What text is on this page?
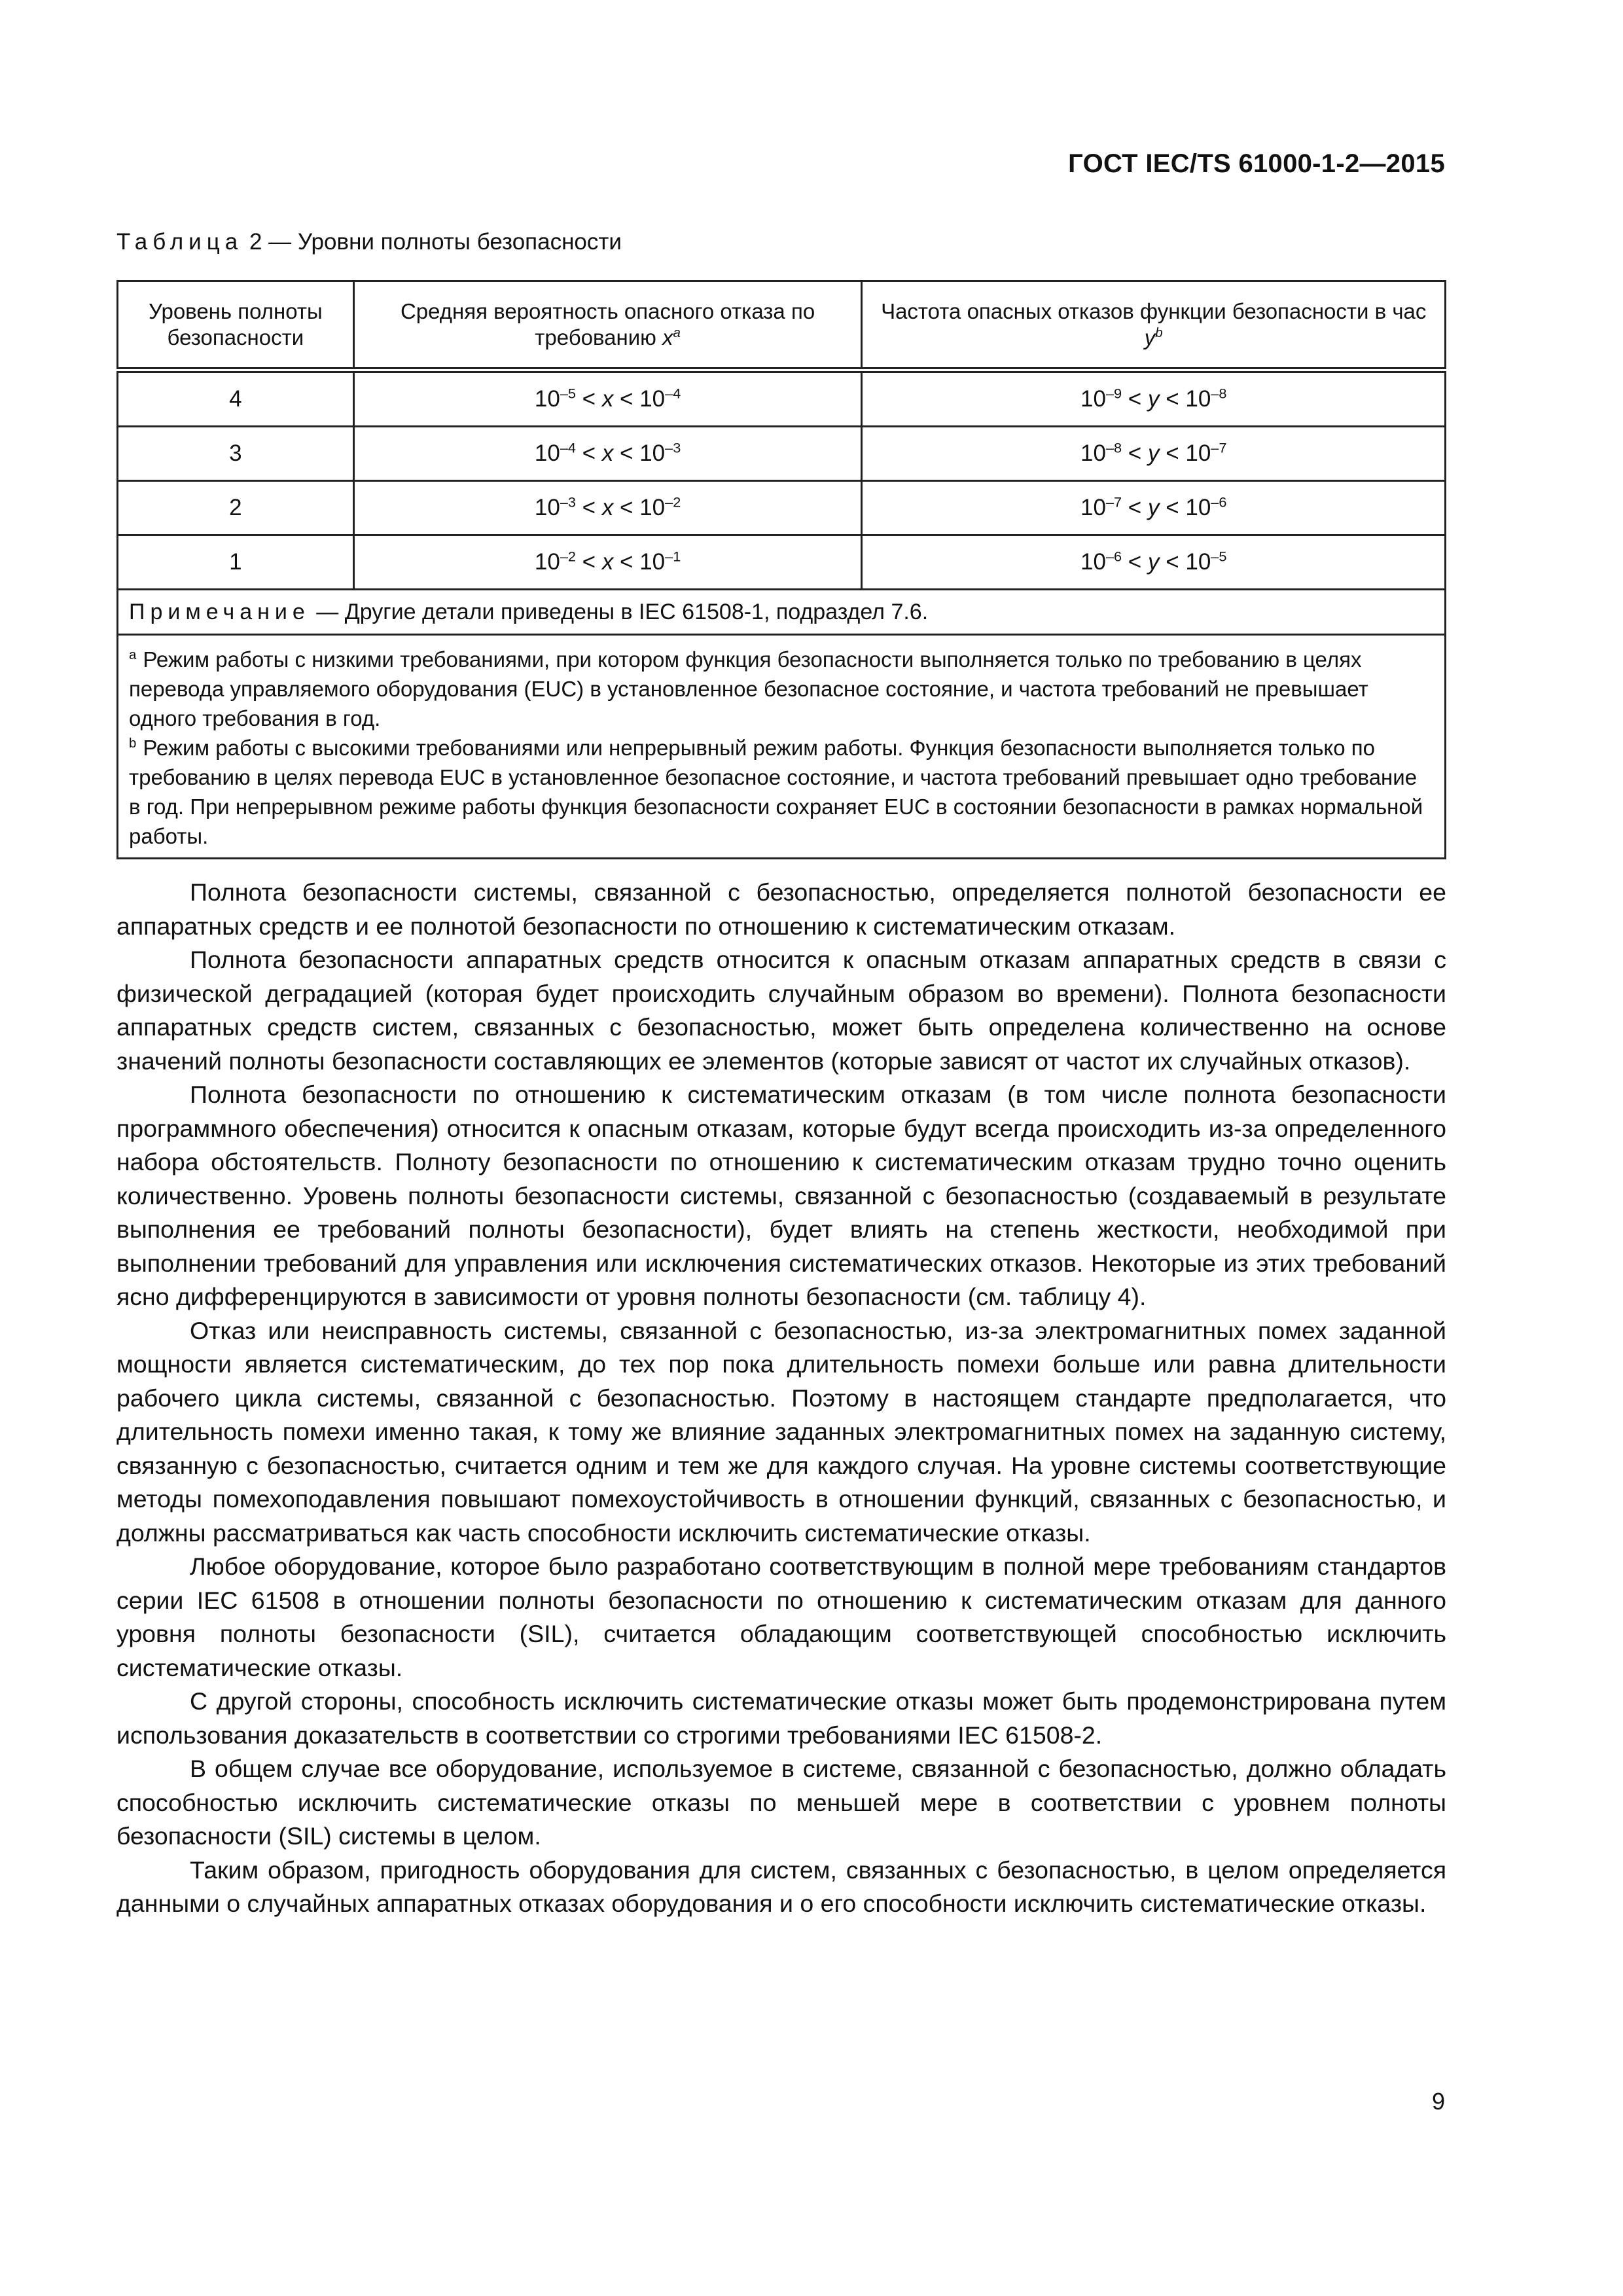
ГОСТ IEC/TS 61000-1-2—2015
Таблица 2 — Уровни полноты безопасности
Уровень полноты безопасности	Средняя вероятность опасного отказа по требованию $x^a$	Частота опасных отказов функции безопасности в час $y^b$
4	$10^{-5} < x < 10^{-4}$	$10^{-9} < y < 10^{-8}$
3	$10^{-4} < x < 10^{-3}$	$10^{-8} < y < 10^{-7}$
2	$10^{-3} < x < 10^{-2}$	$10^{-7} < y < 10^{-6}$
1	$10^{-2} < x < 10^{-1}$	$10^{-6} < y < 10^{-5}$
Примечание — Другие детали приведены в IEC 61508-1, подраздел 7.6.		

$^a$ Режим работы с низкими требованиями, при котором функция безопасности выполняется только по требованию в целях перевода управляемого оборудования (EUC) в установленное безопасное состояние, и частота требований не превышает одного требования в год.
$^b$ Режим работы с высокими требованиями или непрерывный режим работы. Функция безопасности выполняется только по требованию в целях перевода EUC в установленное безопасное состояние, и частота требований превышает одно требование в год. При непрерывном режиме работы функция безопасности сохраняет EUC в состоянии безопасности в рамках нормальной работы.		

Полнота безопасности системы, связанной с безопасностью, определяется полнотой безопасности ее аппаратных средств и ее полнотой безопасности по отношению к систематическим отказам.

Полнота безопасности аппаратных средств относится к опасным отказам аппаратных средств в связи с физической деградацией (которая будет происходить случайным образом во времени). Полнота безопасности аппаратных средств систем, связанных с безопасностью, может быть определена количественно на основе значений полноты безопасности составляющих ее элементов (которые зависят от частот их случайных отказов).

Полнота безопасности по отношению к систематическим отказам (в том числе полнота безопасности программного обеспечения) относится к опасным отказам, которые будут всегда происходить из-за определенного набора обстоятельств. Полноту безопасности по отношению к систематическим отказам трудно точно оценить количественно. Уровень полноты безопасности системы, связанной с безопасностью (создаваемый в результате выполнения ее требований полноты безопасности), будет влиять на степень жесткости, необходимой при выполнении требований для управления или исключения систематических отказов. Некоторые из этих требований ясно дифференцируются в зависимости от уровня полноты безопасности (см. таблицу 4).

Отказ или неисправность системы, связанной с безопасностью, из-за электромагнитных помех заданной мощности является систематическим, до тех пор пока длительность помехи больше или равна длительности рабочего цикла системы, связанной с безопасностью. Поэтому в настоящем стандарте предполагается, что длительность помехи именно такая, к тому же влияние заданных электромагнитных помех на заданную систему, связанную с безопасностью, считается одним и тем же для каждого случая. На уровне системы соответствующие методы помехоподавления повышают помехоустойчивость в отношении функций, связанных с безопасностью, и должны рассматриваться как часть способности исключить систематические отказы.

Любое оборудование, которое было разработано соответствующим в полной мере требованиям стандартов серии IEC 61508 в отношении полноты безопасности по отношению к систематическим отказам для данного уровня полноты безопасности (SIL), считается обладающим соответствующей способностью исключить систематические отказы.

С другой стороны, способность исключить систематические отказы может быть продемонстрирована путем использования доказательств в соответствии со строгими требованиями IEC 61508-2.

В общем случае все оборудование, используемое в системе, связанной с безопасностью, должно обладать способностью исключить систематические отказы по меньшей мере в соответствии с уровнем полноты безопасности (SIL) системы в целом.

Таким образом, пригодность оборудования для систем, связанных с безопасностью, в целом определяется данными о случайных аппаратных отказах оборудования и о его способности исключить систематические отказы.

9
